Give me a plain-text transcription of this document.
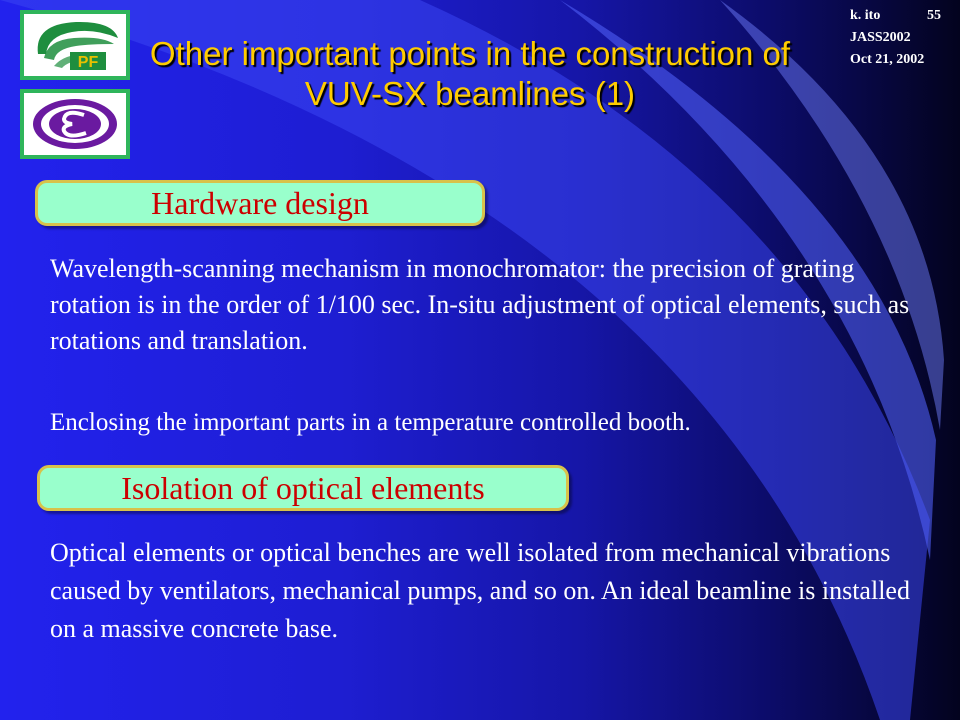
PF	Other important points in the construction of VUV-SX beamlines (1)
k. ito	55
JASS2002
Oct 21, 2002
Hardware design

Wavelength-scanning mechanism in monochromator: the precision of grating rotation is in the order of 1/100 sec. In-situ adjustment of optical elements, such as rotations and translation.

Enclosing the important parts in a temperature controlled booth.

Isolation of optical elements

Optical elements or optical benches are well isolated from mechanical vibrations caused by ventilators, mechanical pumps, and so on. An ideal beamline is installed on a massive concrete base.
